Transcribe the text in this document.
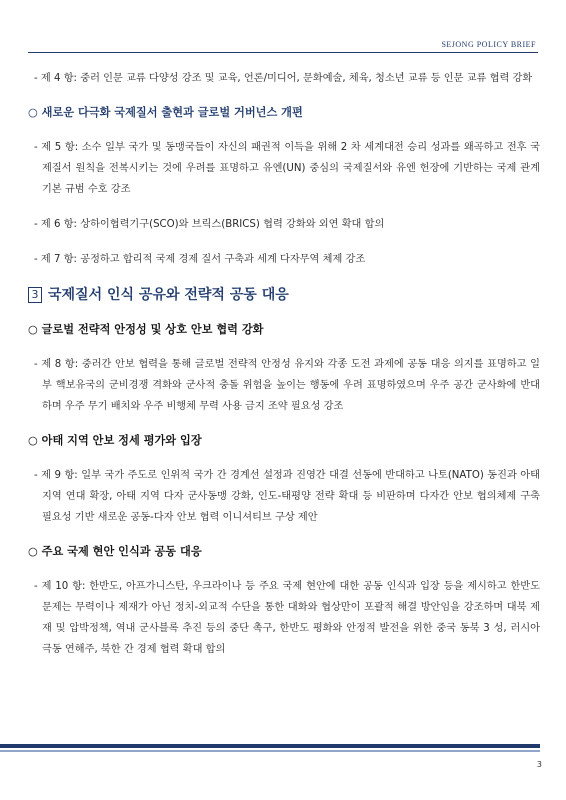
SEJONG POLICY BRIEF

- 제 4 항: 중러 인문 교류 다양성 강조 및 교육, 언론/미디어, 문화예술, 체육, 청소년 교류 등 인문 교류 협력 강화

○ 새로운 다극화 국제질서 출현과 글로벌 거버넌스 개편

- 제 5 항: 소수 일부 국가 및 동맹국들이 자신의 패권적 이득을 위해 2 차 세계대전 승리 성과를 왜곡하고 전후 국제질서 원칙을 전복시키는 것에 우려를 표명하고 유엔(UN) 중심의 국제질서와 유엔 헌장에 기반하는 국제 관계 기본 규범 수호 강조

- 제 6 항: 상하이협력기구(SCO)와 브릭스(BRICS) 협력 강화와 외연 확대 합의

- 제 7 항: 공정하고 합리적 국제 경제 질서 구축과 세계 다자무역 체제 강조

3 국제질서 인식 공유와 전략적 공동 대응
○ 글로벌 전략적 안정성 및 상호 안보 협력 강화

- 제 8 항: 중러간 안보 협력을 통해 글로벌 전략적 안정성 유지와 각종 도전 과제에 공동 대응 의지를 표명하고 일부 핵보유국의 군비경쟁 격화와 군사적 충돌 위험을 높이는 행동에 우려 표명하였으며 우주 공간 군사화에 반대하며 우주 무기 배치와 우주 비행체 무력 사용 금지 조약 필요성 강조

○ 아태 지역 안보 정세 평가와 입장

- 제 9 항: 일부 국가 주도로 인위적 국가 간 경계선 설정과 진영간 대결 선동에 반대하고 나토(NATO) 동진과 아태지역 연대 확장, 아태 지역 다자 군사동맹 강화, 인도-태평양 전략 확대 등 비판하며 다자간 안보 협의체제 구축 필요성 기반 새로운 공동-다자 안보 협력 이니셔티브 구상 제안

○ 주요 국제 현안 인식과 공동 대응

- 제 10 항: 한반도, 아프가니스탄, 우크라이나 등 주요 국제 현안에 대한 공동 인식과 입장 등을 제시하고 한반도 문제는 무력이나 제재가 아닌 정치-외교적 수단을 통한 대화와 협상만이 포괄적 해결 방안임을 강조하며 대북 제재 및 압박정책, 역내 군사블록 추진 등의 중단 촉구, 한반도 평화와 안정적 발전을 위한 중국 동북 3 성, 러시아 극동 연해주, 북한 간 경제 협력 확대 합의

3
